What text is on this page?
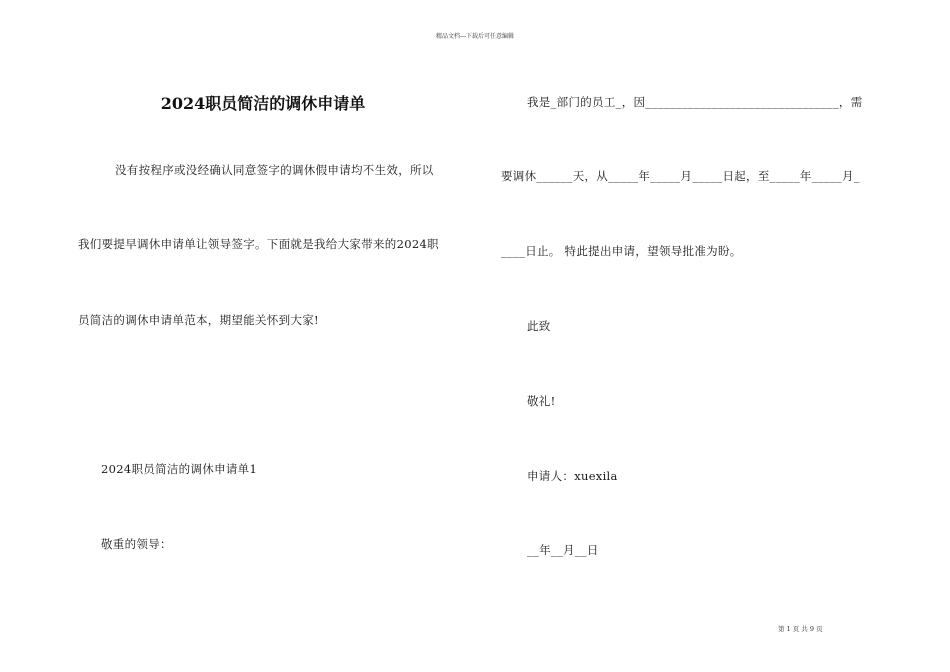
精品文档---下载后可任意编辑
2024职员简洁的调休申请单
没有按程序或没经确认同意签字的调休假申请均不生效，所以
我们要提早调休申请单让领导签字。下面就是我给大家带来的2024职
员简洁的调休申请单范本，期望能关怀到大家!
2024职员简洁的调休申请单1
敬重的领导：
我是_部门的员工_，因________________________________，需
要调休______天，从_____年_____月_____日起，至_____年_____月_
____日止。 特此提出申请，望领导批准为盼。
此致
敬礼!
申请人：xuexila
__年__月__日
第 1 页 共 9 页
